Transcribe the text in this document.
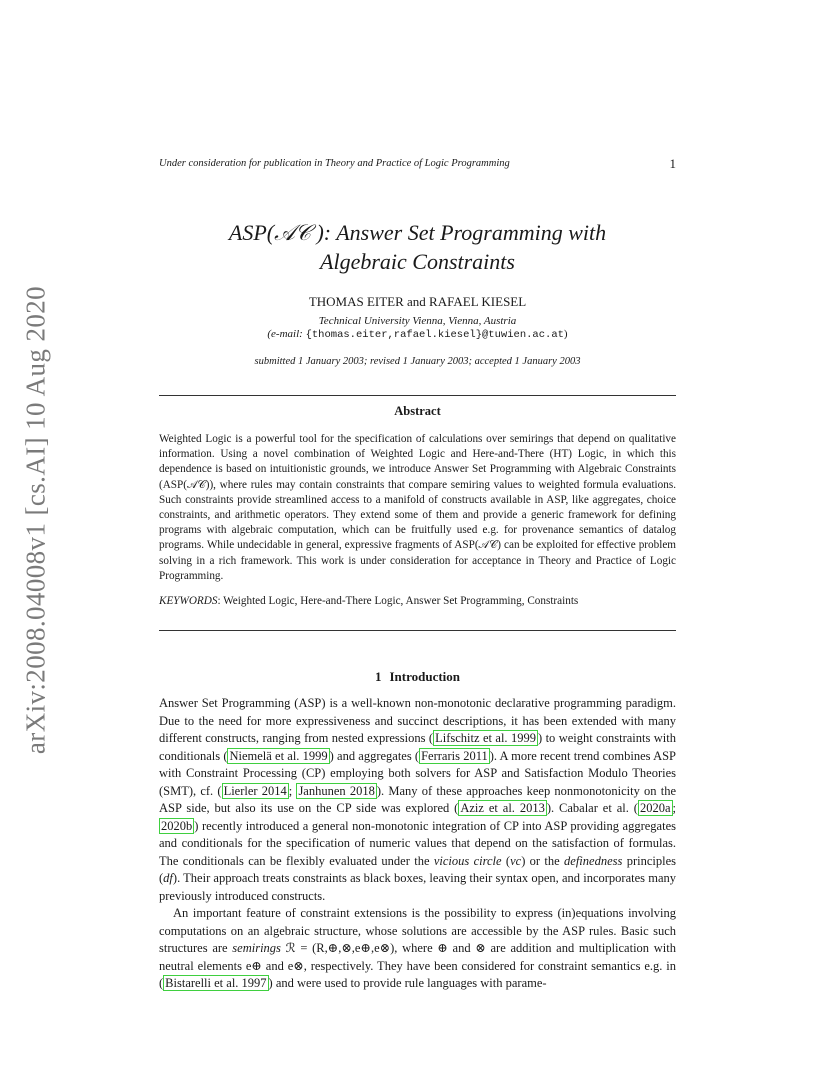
arXiv:2008.04008v1 [cs.AI] 10 Aug 2020
Under consideration for publication in Theory and Practice of Logic Programming	1
ASP(𝒜𝒞 ): Answer Set Programming with
Algebraic Constraints
THOMAS EITER and RAFAEL KIESEL
Technical University Vienna, Vienna, Austria
(e-mail: {thomas.eiter,rafael.kiesel}@tuwien.ac.at)
submitted 1 January 2003; revised 1 January 2003; accepted 1 January 2003
Abstract
Weighted Logic is a powerful tool for the specification of calculations over semirings that depend on qualitative information. Using a novel combination of Weighted Logic and Here-and-There (HT) Logic, in which this dependence is based on intuitionistic grounds, we introduce Answer Set Programming with Algebraic Constraints (ASP(𝒜𝒞)), where rules may contain constraints that compare semiring values to weighted formula evaluations. Such constraints provide streamlined access to a manifold of constructs available in ASP, like aggregates, choice constraints, and arithmetic operators. They extend some of them and provide a generic framework for defining programs with algebraic computation, which can be fruitfully used e.g. for provenance semantics of datalog programs. While undecidable in general, expressive fragments of ASP(𝒜𝒞) can be exploited for effective problem solving in a rich framework. This work is under consideration for acceptance in Theory and Practice of Logic Programming.
KEYWORDS: Weighted Logic, Here-and-There Logic, Answer Set Programming, Constraints
1 Introduction

Answer Set Programming (ASP) is a well-known non-monotonic declarative programming paradigm. Due to the need for more expressiveness and succinct descriptions, it has been extended with many different constructs, ranging from nested expressions ( Lifschitz et al. 1999 ) to weight constraints with conditionals ( Niemelä et al. 1999 ) and aggregates ( Ferraris 2011 ). A more recent trend combines ASP with Constraint Processing (CP) employing both solvers for ASP and Satisfaction Modulo Theories (SMT), cf. ( Lierler 2014 ; Janhunen 2018 ). Many of these approaches keep nonmonotonicity on the ASP side, but also its use on the CP side was explored ( Aziz et al. 2013 ). Cabalar et al. ( 2020a ; 2020b ) recently introduced a general non-monotonic integration of CP into ASP providing aggregates and conditionals for the specification of numeric values that depend on the satisfaction of formulas. The conditionals can be flexibly evaluated under the vicious circle (vc) or the definedness principles (df). Their approach treats constraints as black boxes, leaving their syntax open, and incorporates many previously introduced constructs.

An important feature of constraint extensions is the possibility to express (in)equations involving computations on an algebraic structure, whose solutions are accessible by the ASP rules. Basic such structures are semirings ℛ = (R,⊕,⊗,e⊕,e⊗), where ⊕ and ⊗ are addition and multiplication with neutral elements e⊕ and e⊗, respectively. They have been considered for constraint semantics e.g. in ( Bistarelli et al. 1997 ) and were used to provide rule languages with parame-
